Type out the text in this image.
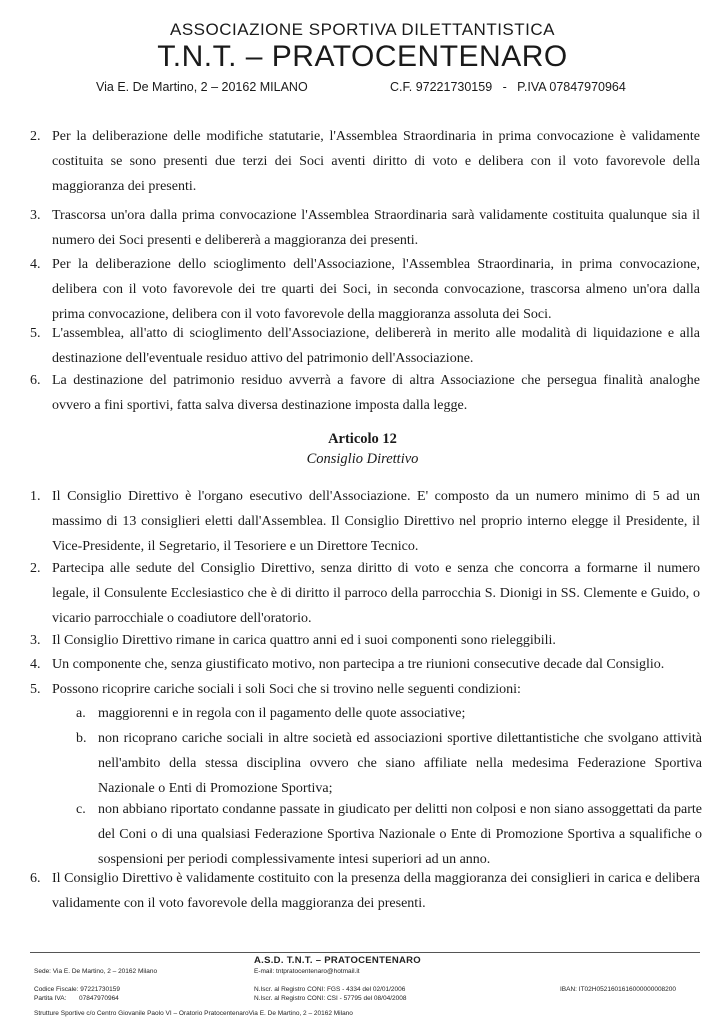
ASSOCIAZIONE SPORTIVA DILETTANTISTICA
T.N.T. – PRATOCENTENARO
Via E. De Martino, 2 – 20162 MILANO	C.F. 97221730159   -   P.IVA 07847970964
2. Per la deliberazione delle modifiche statutarie, l'Assemblea Straordinaria in prima convocazione è validamente costituita se sono presenti due terzi dei Soci aventi diritto di voto e delibera con il voto favorevole della maggioranza dei presenti.
3. Trascorsa un'ora dalla prima convocazione l'Assemblea Straordinaria sarà validamente costituita qualunque sia il numero dei Soci presenti e delibererà a maggioranza dei presenti.
4. Per la deliberazione dello scioglimento dell'Associazione, l'Assemblea Straordinaria, in prima convocazione, delibera con il voto favorevole dei tre quarti dei Soci, in seconda convocazione, trascorsa almeno un'ora dalla prima convocazione, delibera con il voto favorevole della maggioranza assoluta dei Soci.
5. L'assemblea, all'atto di scioglimento dell'Associazione, delibererà in merito alle modalità di liquidazione e alla destinazione dell'eventuale residuo attivo del patrimonio dell'Associazione.
6. La destinazione del patrimonio residuo avverrà a favore di altra Associazione che persegua finalità analoghe ovvero a fini sportivi, fatta salva diversa destinazione imposta dalla legge.
Articolo 12
Consiglio Direttivo
1. Il Consiglio Direttivo è l'organo esecutivo dell'Associazione. E' composto da un numero minimo di 5 ad un massimo di 13 consiglieri eletti dall'Assemblea. Il Consiglio Direttivo nel proprio interno elegge il Presidente, il Vice-Presidente, il Segretario, il Tesoriere e un Direttore Tecnico.
2. Partecipa alle sedute del Consiglio Direttivo, senza diritto di voto e senza che concorra a formarne il numero legale, il Consulente Ecclesiastico che è di diritto il parroco della parrocchia S. Dionigi in SS. Clemente e Guido, o vicario parrocchiale o coadiutore dell'oratorio.
3. Il Consiglio Direttivo rimane in carica quattro anni ed i suoi componenti sono rieleggibili.
4. Un componente che, senza giustificato motivo, non partecipa a tre riunioni consecutive decade dal Consiglio.
5. Possono ricoprire cariche sociali i soli Soci che si trovino nelle seguenti condizioni:
a. maggiorenni e in regola con il pagamento delle quote associative;
b. non ricoprano cariche sociali in altre società ed associazioni sportive dilettantistiche che svolgano attività nell'ambito della stessa disciplina ovvero che siano affiliate nella medesima Federazione Sportiva Nazionale o Enti di Promozione Sportiva;
c. non abbiano riportato condanne passate in giudicato per delitti non colposi e non siano assoggettati da parte del Coni o di una qualsiasi Federazione Sportiva Nazionale o Ente di Promozione Sportiva a squalifiche o sospensioni per periodi complessivamente intesi superiori ad un anno.
6. Il Consiglio Direttivo è validamente costituito con la presenza della maggioranza dei consiglieri in carica e delibera validamente con il voto favorevole della maggioranza dei presenti.
A.S.D. T.N.T. – PRATOCENTENARO
Sede: Via E. De Martino, 2 – 20162 Milano	E-mail: tntpratocentenaro@hotmail.it
Codice Fiscale: 97221730159
Partita IVA:       07847970964
N.Iscr. al Registro CONI: FGS - 4334 del 02/01/2006
N.Iscr. al Registro CONI: CSI - 57795 del 08/04/2008
IBAN: IT02H0521601616000000008200
Strutture Sportive c/o Centro Giovanile Paolo VI – Oratorio PratocentenaroVia E. De Martino, 2 – 20162 Milano
